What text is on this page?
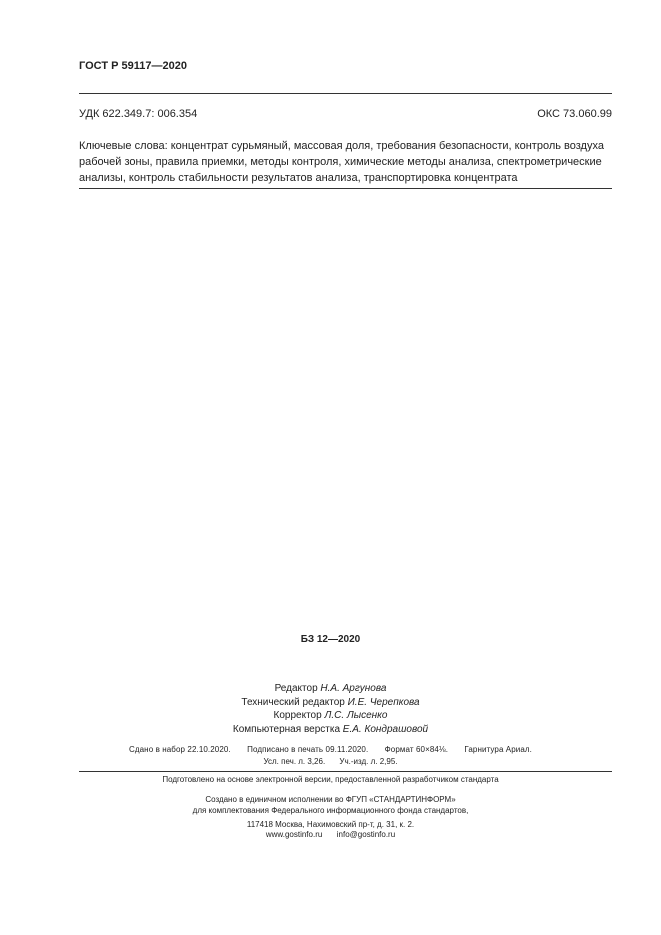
ГОСТ Р 59117—2020
УДК 622.349.7: 006.354	ОКС 73.060.99
Ключевые слова: концентрат сурьмяный, массовая доля, требования безопасности, контроль воздуха
рабочей зоны, правила приемки, методы контроля, химические методы анализа, спектрометрические
анализы, контроль стабильности результатов анализа, транспортировка концентрата
БЗ 12—2020
Редактор Н.А. Аргунова
Технический редактор И.Е. Черепкова
Корректор Л.С. Лысенко
Компьютерная верстка Е.А. Кондрашовой
Сдано в набор 22.10.2020. Подписано в печать 09.11.2020. Формат 60×84⅛. Гарнитура Ариал.
Усл. печ. л. 3,26. Уч.-изд. л. 2,95.
Подготовлено на основе электронной версии, предоставленной разработчиком стандарта
Создано в единичном исполнении во ФГУП «СТАНДАРТИНФОРМ»
для комплектования Федерального информационного фонда стандартов,
117418 Москва, Нахимовский пр-т, д. 31, к. 2.
www.gostinfo.ru info@gostinfo.ru
